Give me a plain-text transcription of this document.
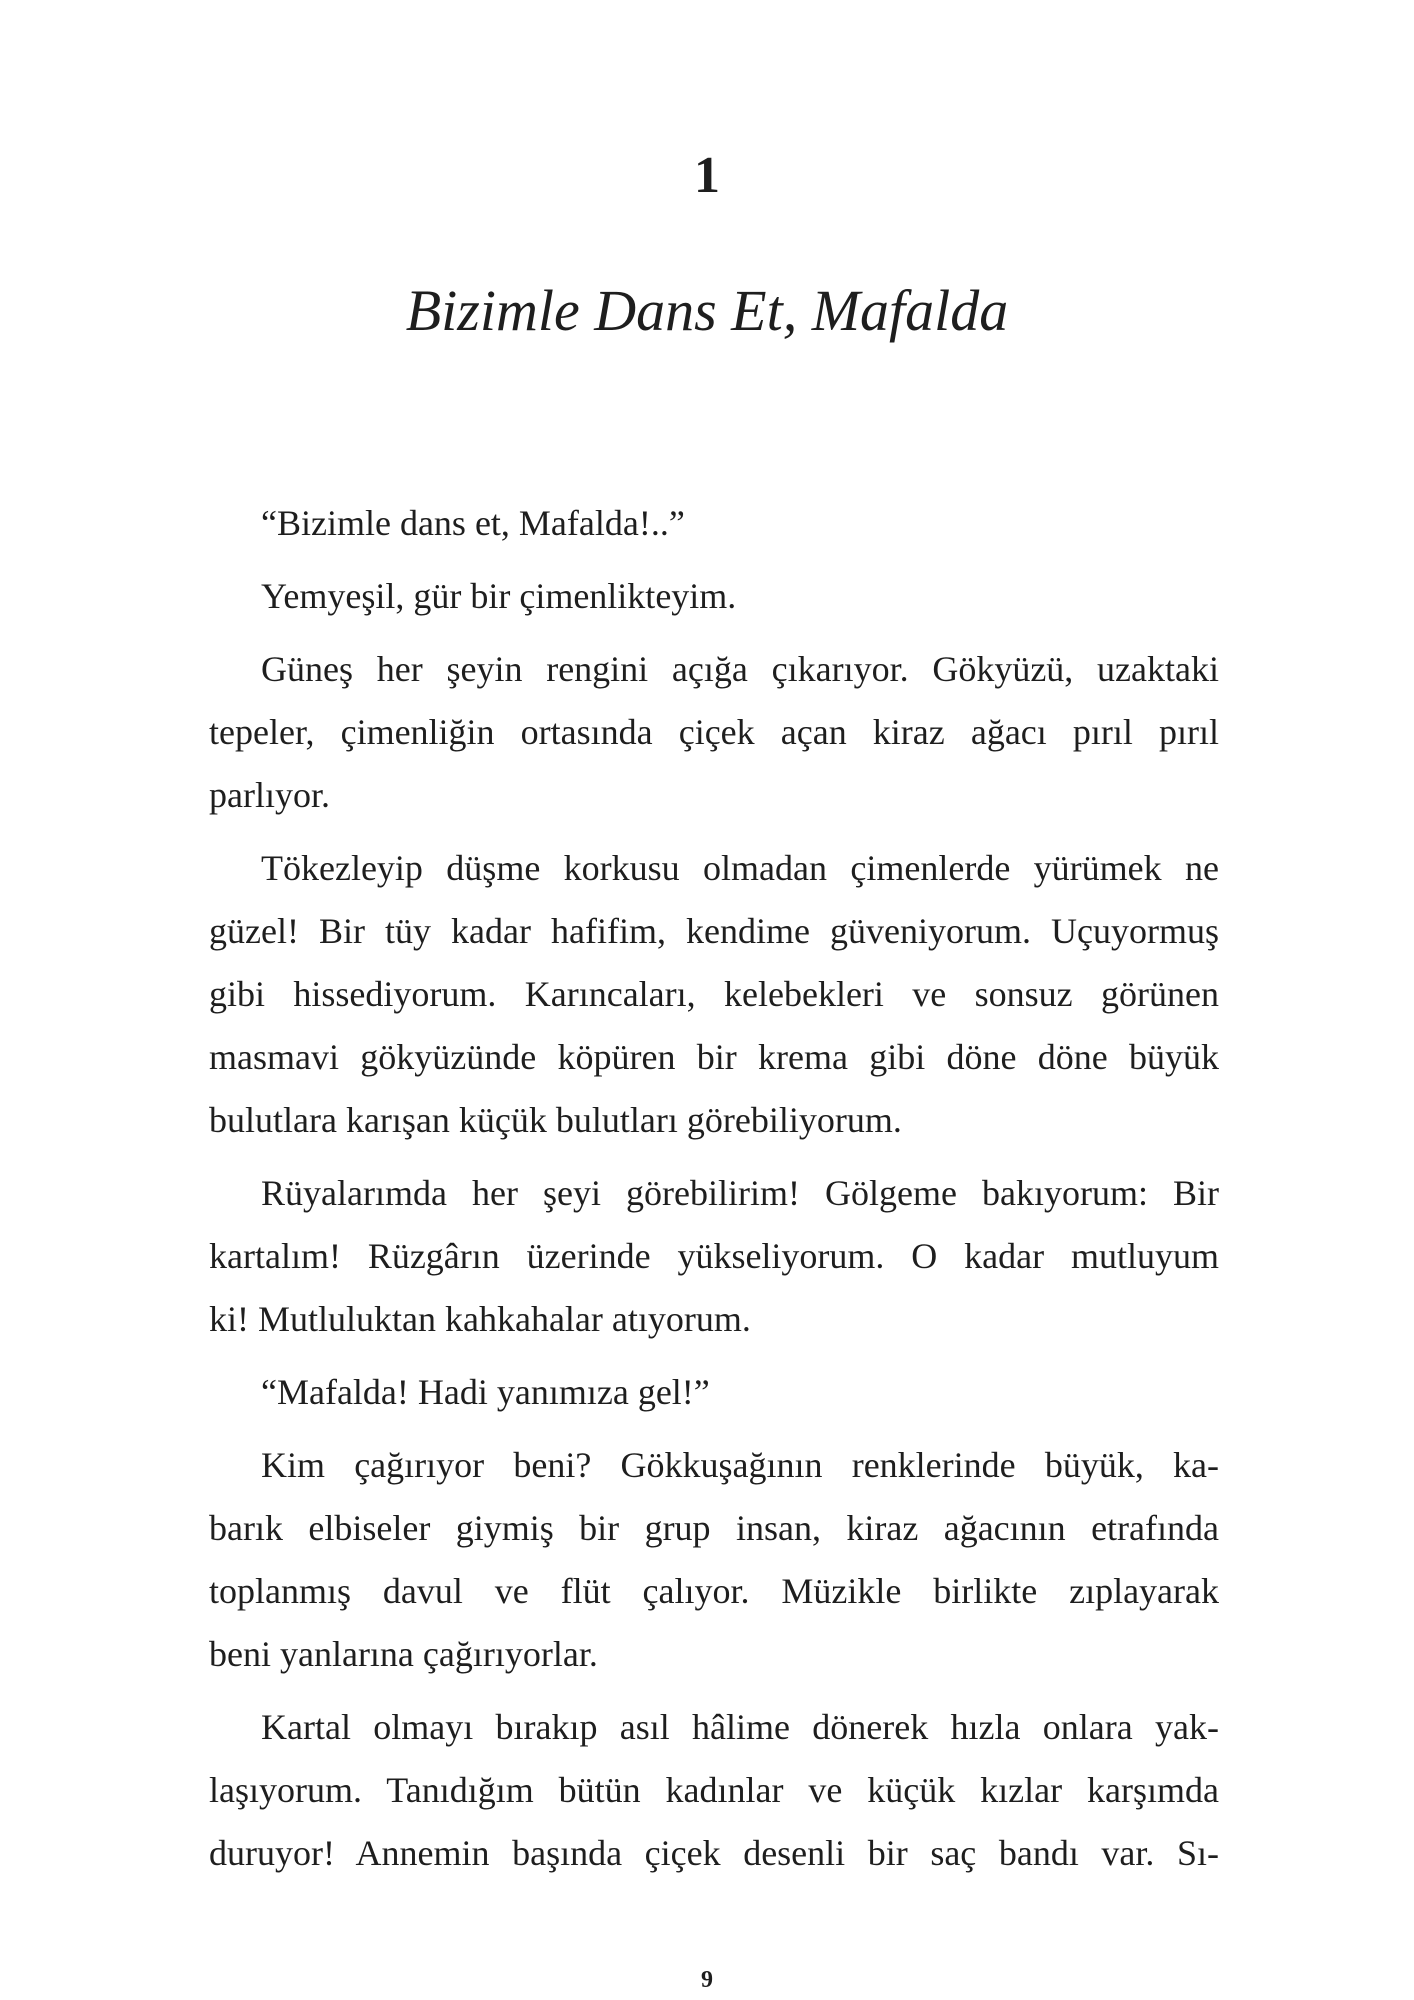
1
Bizimle Dans Et, Mafalda
“Bizimle dans et, Mafalda!..”
Yemyeşil, gür bir çimenlikteyim.
Güneş her şeyin rengini açığa çıkarıyor. Gökyüzü, uzaktaki
tepeler, çimenliğin ortasında çiçek açan kiraz ağacı pırıl pırıl
parlıyor.
Tökezleyip düşme korkusu olmadan çimenlerde yürümek ne
güzel! Bir tüy kadar hafifim, kendime güveniyorum. Uçuyormuş
gibi hissediyorum. Karıncaları, kelebekleri ve sonsuz görünen
masmavi gökyüzünde köpüren bir krema gibi döne döne büyük
bulutlara karışan küçük bulutları görebiliyorum.
Rüyalarımda her şeyi görebilirim! Gölgeme bakıyorum: Bir
kartalım! Rüzgârın üzerinde yükseliyorum. O kadar mutluyum
ki! Mutluluktan kahkahalar atıyorum.
“Mafalda! Hadi yanımıza gel!”
Kim çağırıyor beni? Gökkuşağının renklerinde büyük, ka-
barık elbiseler giymiş bir grup insan, kiraz ağacının etrafında
toplanmış davul ve flüt çalıyor. Müzikle birlikte zıplayarak
beni yanlarına çağırıyorlar.
Kartal olmayı bırakıp asıl hâlime dönerek hızla onlara yak-
laşıyorum. Tanıdığım bütün kadınlar ve küçük kızlar karşımda
duruyor! Annemin başında çiçek desenli bir saç bandı var. Sı-
9
